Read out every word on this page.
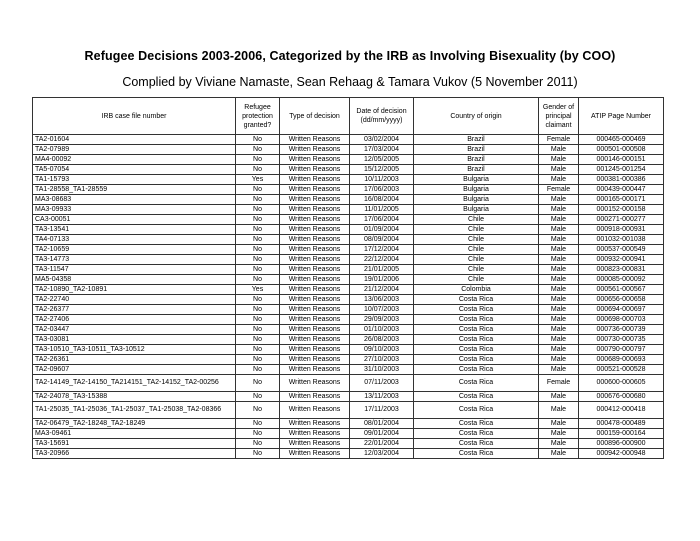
Refugee Decisions 2003-2006, Categorized by the IRB as Involving Bisexuality (by COO)
Complied by Viviane Namaste, Sean Rehaag & Tamara Vukov (5 November 2011)
IRB case file number	Refugee protection granted?	Type of decision	Date of decision (dd/mm/yyyy)	Country of origin	Gender of principal claimant	ATIP Page Number
TA2-01604	No	Written Reasons	03/02/2004	Brazil	Female	000465-000469
TA2-07989	No	Written Reasons	17/03/2004	Brazil	Male	000501-000508
MA4-00092	No	Written Reasons	12/05/2005	Brazil	Male	000146-000151
TA5-07054	No	Written Reasons	15/12/2005	Brazil	Male	001245-001254
TA1-15793	Yes	Written Reasons	10/11/2003	Bulgaria	Male	000381-000386
TA1-28558_TA1-28559	No	Written Reasons	17/06/2003	Bulgaria	Female	000439-000447
MA3-08683	No	Written Reasons	16/08/2004	Bulgaria	Male	000165-000171
MA3-09933	No	Written Reasons	11/01/2005	Bulgaria	Male	000152-000158
CA3-00051	No	Written Reasons	17/06/2004	Chile	Male	000271-000277
TA3-13541	No	Written Reasons	01/09/2004	Chile	Male	000918-000931
TA4-07133	No	Written Reasons	08/09/2004	Chile	Male	001032-001038
TA2-10659	No	Written Reasons	17/12/2004	Chile	Male	000537-000549
TA3-14773	No	Written Reasons	22/12/2004	Chile	Male	000932-000941
TA3-11547	No	Written Reasons	21/01/2005	Chile	Male	000823-000831
MA5-04358	No	Written Reasons	19/01/2006	Chile	Male	000085-000092
TA2-10890_TA2-10891	Yes	Written Reasons	21/12/2004	Colombia	Male	000561-000567
TA2-22740	No	Written Reasons	13/06/2003	Costa Rica	Male	000656-000658
TA2-26377	No	Written Reasons	10/07/2003	Costa Rica	Male	000694-000697
TA2-27406	No	Written Reasons	29/09/2003	Costa Rica	Male	000698-000703
TA2-03447	No	Written Reasons	01/10/2003	Costa Rica	Male	000736-000739
TA3-03081	No	Written Reasons	26/08/2003	Costa Rica	Male	000730-000735
TA3-10510_TA3-10511_TA3-10512	No	Written Reasons	09/10/2003	Costa Rica	Male	000790-000797
TA2-26361	No	Written Reasons	27/10/2003	Costa Rica	Male	000689-000693
TA2-09607	No	Written Reasons	31/10/2003	Costa Rica	Male	000521-000528
TA2-14149_TA2-14150_TA214151_TA2-14152_TA2-00256	No	Written Reasons	07/11/2003	Costa Rica	Female	000600-000605
TA2-24078_TA3-15388	No	Written Reasons	13/11/2003	Costa Rica	Male	000676-000680
TA1-25035_TA1-25036_TA1-25037_TA1-25038_TA2-08366	No	Written Reasons	17/11/2003	Costa Rica	Male	000412-000418
TA2-06479_TA2-18248_TA2-18249	No	Written Reasons	08/01/2004	Costa Rica	Male	000478-000489
MA3-09461	No	Written Reasons	09/01/2004	Costa Rica	Male	000159-000164
TA3-15691	No	Written Reasons	22/01/2004	Costa Rica	Male	000896-000900
TA3-20966	No	Written Reasons	12/03/2004	Costa Rica	Male	000942-000948
